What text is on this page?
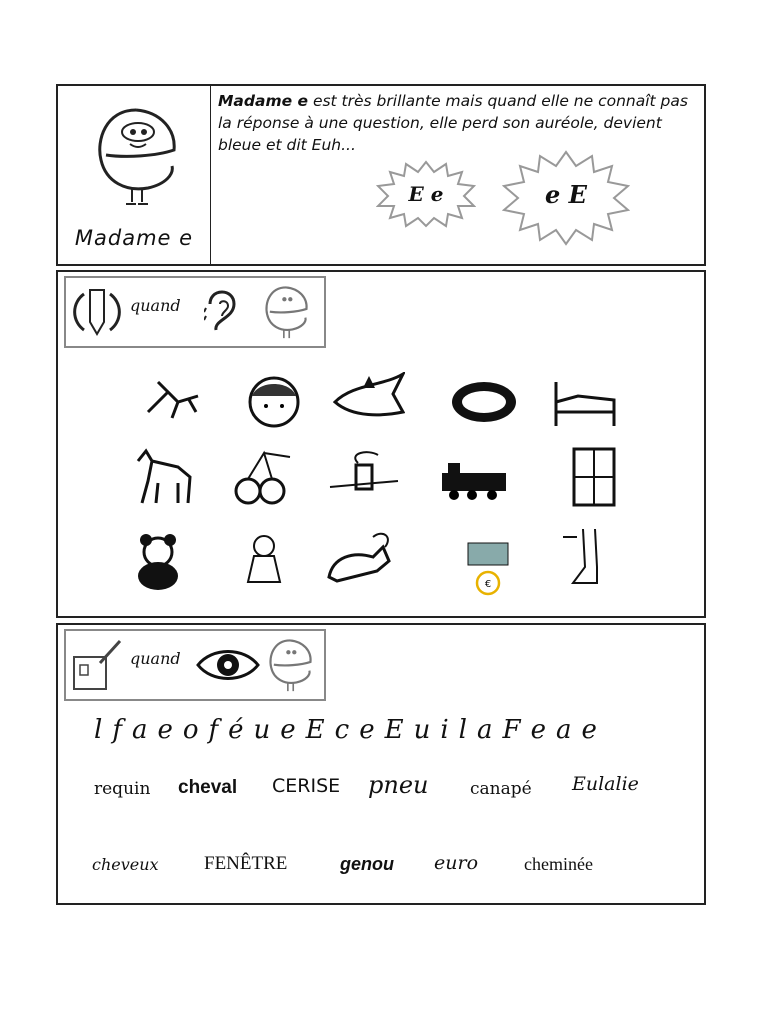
Madame e
Madame e est très brillante mais quand elle ne connaît pas la réponse à une question, elle perd son auréole, devient bleue et dit Euh...
E e	e E
quand
€
quand
l f a e o f é u e E c e E u i l a F e a e
requin cheval CERISE pneu canapé Eulalie
cheveux FENÊTRE	genou euro	cheminée
